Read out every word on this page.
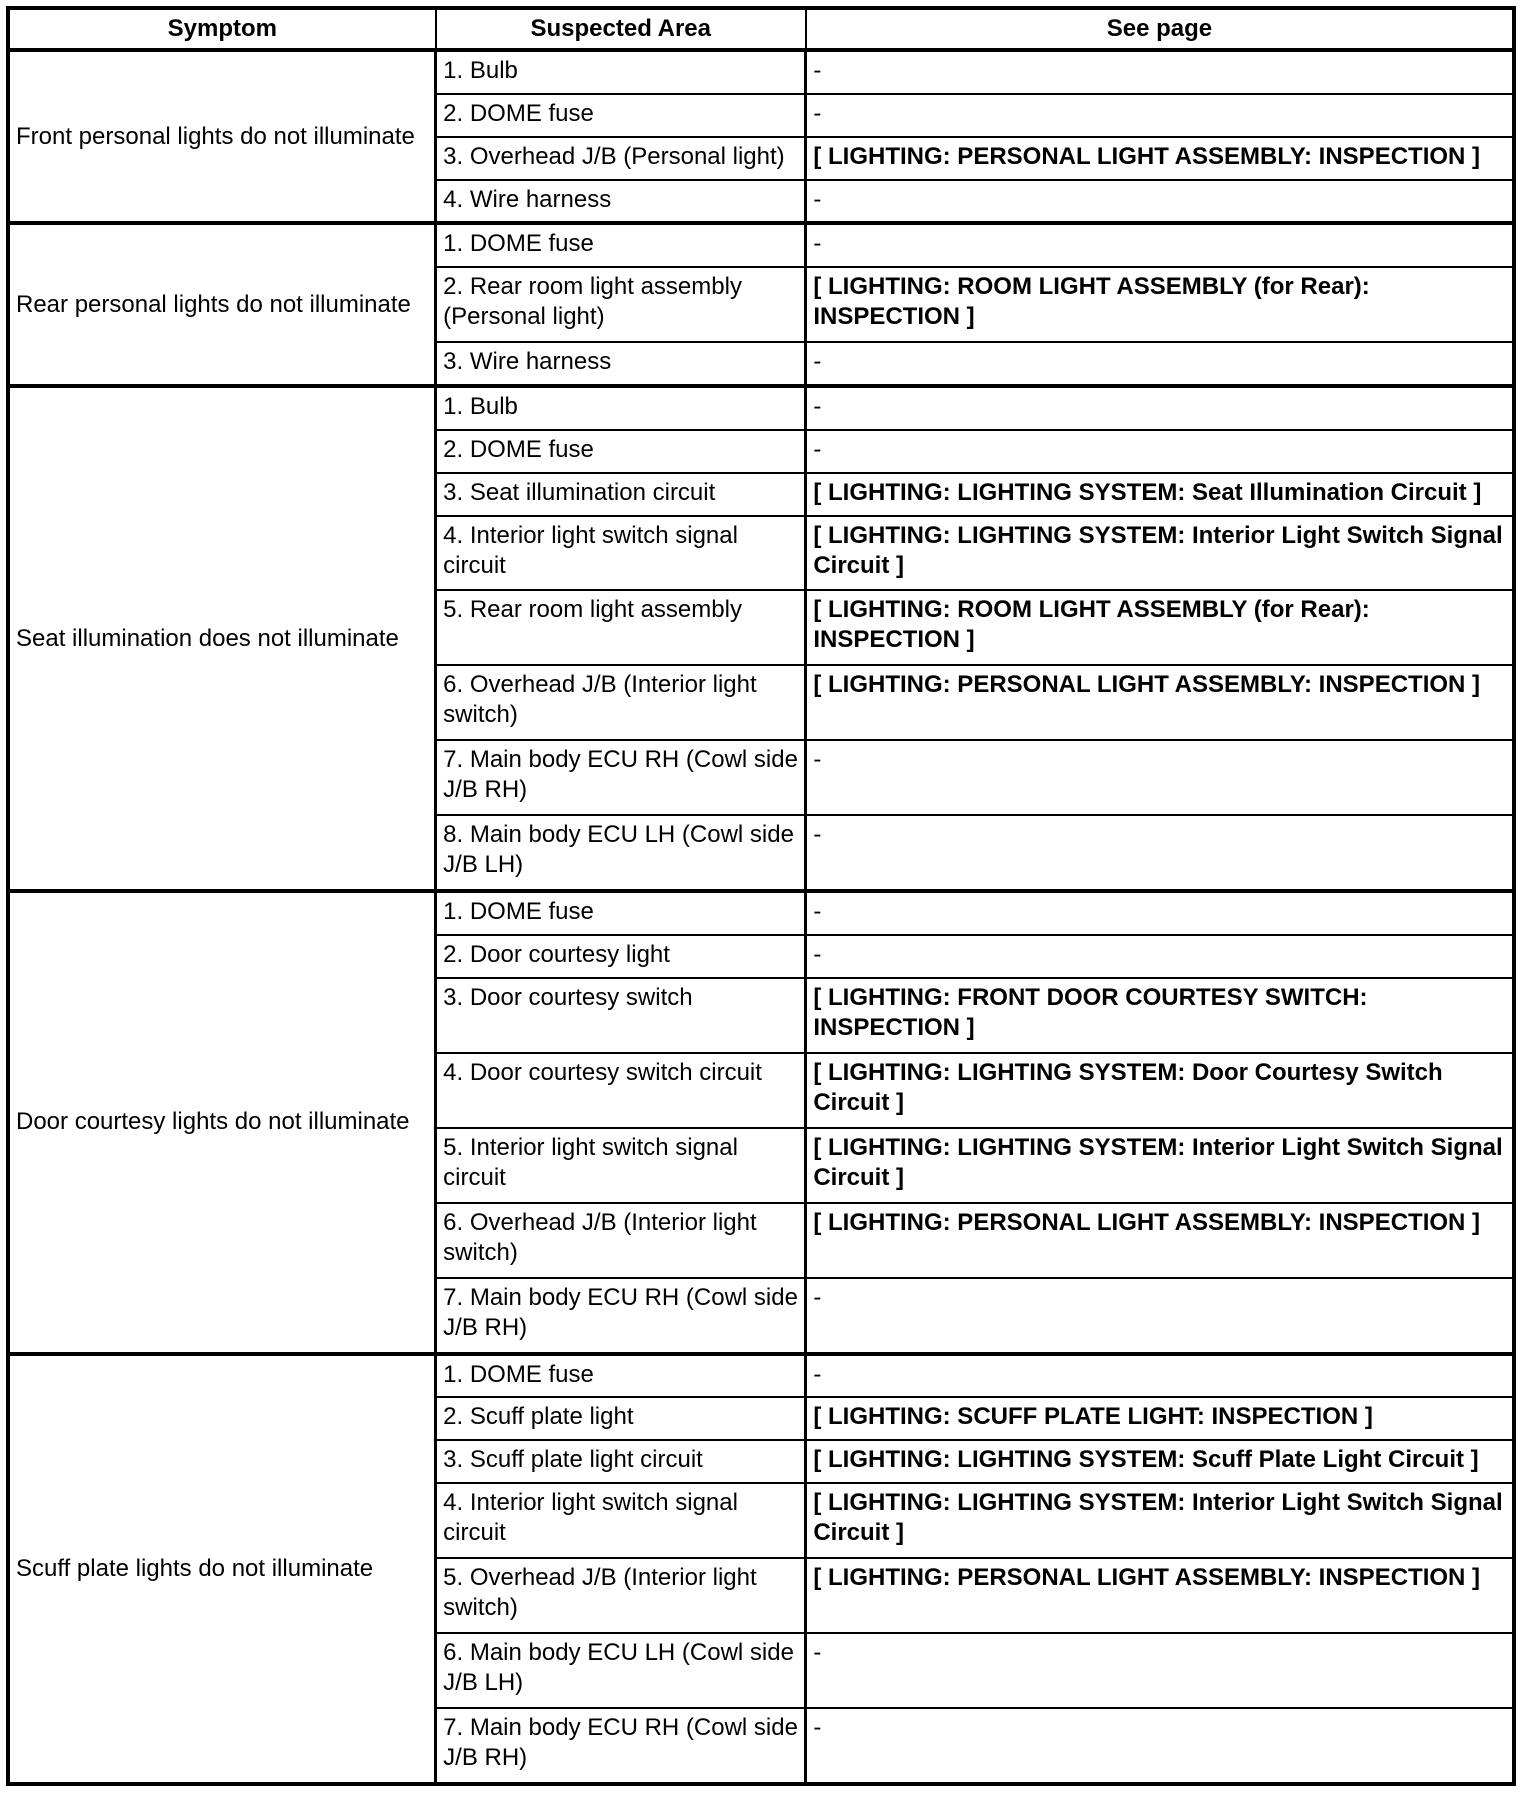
Symptom	Suspected Area	See page
Front personal lights do not illuminate	1. Bulb	-
	2. DOME fuse	-
	3. Overhead J/B (Personal light)	[ LIGHTING: PERSONAL LIGHT ASSEMBLY: INSPECTION ]
	4. Wire harness	-
Rear personal lights do not illuminate	1. DOME fuse	-
	2. Rear room light assembly (Personal light)	[ LIGHTING: ROOM LIGHT ASSEMBLY (for Rear): INSPECTION ]
	3. Wire harness	-
Seat illumination does not illuminate	1. Bulb	-
	2. DOME fuse	-
	3. Seat illumination circuit	[ LIGHTING: LIGHTING SYSTEM: Seat Illumination Circuit ]
	4. Interior light switch signal circuit	[ LIGHTING: LIGHTING SYSTEM: Interior Light Switch Signal Circuit ]
	5. Rear room light assembly	[ LIGHTING: ROOM LIGHT ASSEMBLY (for Rear): INSPECTION ]
	6. Overhead J/B (Interior light switch)	[ LIGHTING: PERSONAL LIGHT ASSEMBLY: INSPECTION ]
	7. Main body ECU RH (Cowl side J/B RH)	-
	8. Main body ECU LH (Cowl side J/B LH)	-
Door courtesy lights do not illuminate	1. DOME fuse	-
	2. Door courtesy light	-
	3. Door courtesy switch	[ LIGHTING: FRONT DOOR COURTESY SWITCH: INSPECTION ]
	4. Door courtesy switch circuit	[ LIGHTING: LIGHTING SYSTEM: Door Courtesy Switch Circuit ]
	5. Interior light switch signal circuit	[ LIGHTING: LIGHTING SYSTEM: Interior Light Switch Signal Circuit ]
	6. Overhead J/B (Interior light switch)	[ LIGHTING: PERSONAL LIGHT ASSEMBLY: INSPECTION ]
	7. Main body ECU RH (Cowl side J/B RH)	-
Scuff plate lights do not illuminate	1. DOME fuse	-
	2. Scuff plate light	[ LIGHTING: SCUFF PLATE LIGHT: INSPECTION ]
	3. Scuff plate light circuit	[ LIGHTING: LIGHTING SYSTEM: Scuff Plate Light Circuit ]
	4. Interior light switch signal circuit	[ LIGHTING: LIGHTING SYSTEM: Interior Light Switch Signal Circuit ]
	5. Overhead J/B (Interior light switch)	[ LIGHTING: PERSONAL LIGHT ASSEMBLY: INSPECTION ]
	6. Main body ECU LH (Cowl side J/B LH)	-
	7. Main body ECU RH (Cowl side J/B RH)	-
